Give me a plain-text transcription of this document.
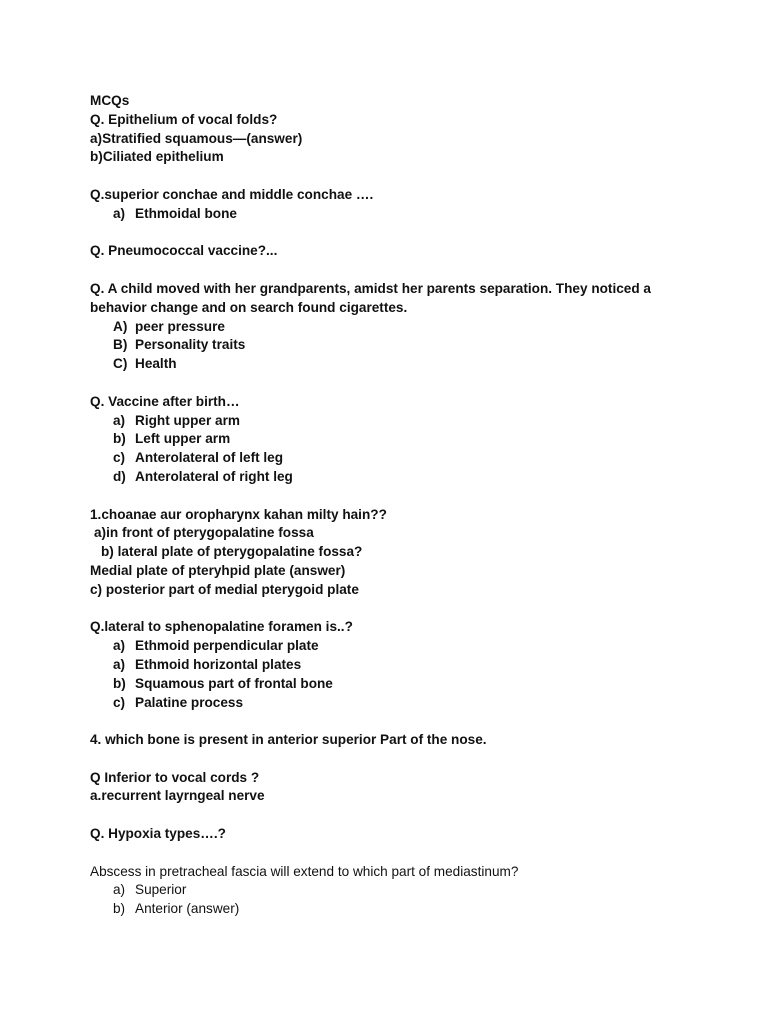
MCQs
Q. Epithelium of vocal folds?
a)Stratified squamous—(answer)
b)Ciliated epithelium
Q.superior conchae and middle conchae ….
a) Ethmoidal bone
Q. Pneumococcal vaccine?...
Q. A child moved with her grandparents, amidst her parents separation. They noticed a
behavior change and on search found cigarettes.
A) peer pressure
B) Personality traits
C) Health
Q. Vaccine after birth…
a) Right upper arm
b) Left upper arm
c) Anterolateral of left leg
d) Anterolateral of right leg
1.choanae aur oropharynx kahan milty hain??
a)in front of pterygopalatine fossa
b) lateral plate of pterygopalatine fossa?
Medial plate of pteryhpid plate (answer)
c) posterior part of medial pterygoid plate
Q.lateral to sphenopalatine foramen is..?
a) Ethmoid perpendicular plate
a) Ethmoid horizontal plates
b) Squamous part of frontal bone
c) Palatine process
4. which bone is present in anterior superior Part of the nose.
Q Inferior to vocal cords ?
a.recurrent layrngeal nerve
Q. Hypoxia types….?
Abscess in pretracheal fascia will extend to which part of mediastinum?
a) Superior
b) Anterior (answer)
